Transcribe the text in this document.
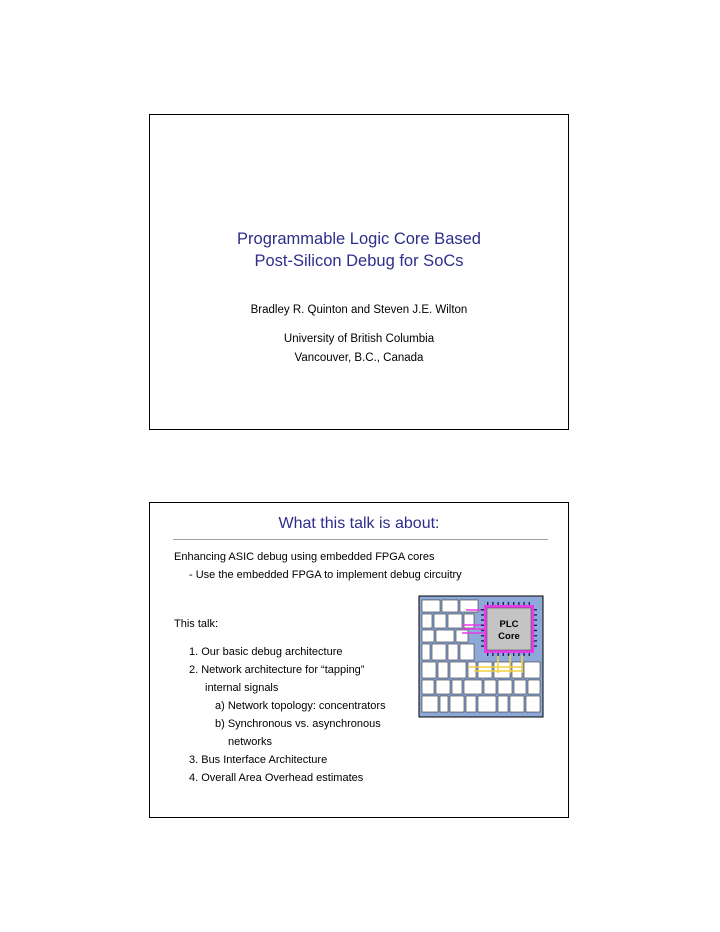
Programmable Logic Core Based
Post-Silicon Debug for SoCs
Bradley R. Quinton and Steven J.E. Wilton
University of British Columbia
Vancouver, B.C., Canada
What this talk is about:
Enhancing ASIC debug using embedded FPGA cores
- Use the embedded FPGA to implement debug circuitry
This talk:
1. Our basic debug architecture
2. Network architecture for “tapping”
internal signals
a) Network topology: concentrators
b) Synchronous vs. asynchronous
networks
3. Bus Interface Architecture
4. Overall Area Overhead estimates
PLC
Core
